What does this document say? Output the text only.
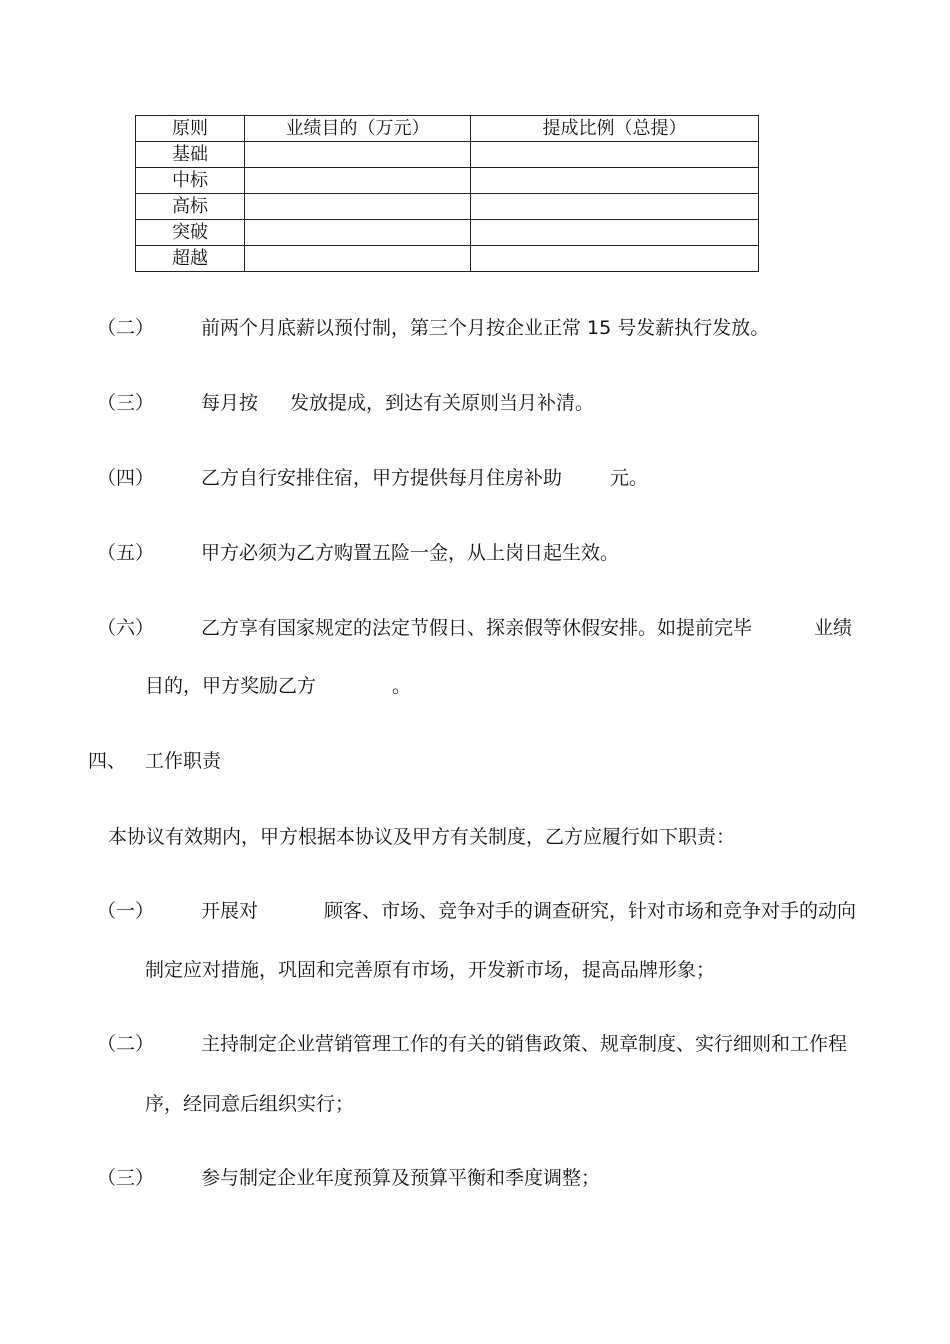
原则	业绩目的（万元）	提成比例（总提）
基础		
中标		
高标		
突破		
超越		
（二） 前两个月底薪以预付制，第三个月按企业正常 15 号发薪执行发放。
（三） 每月按 发放提成，到达有关原则当月补清。
（四） 乙方自行安排住宿，甲方提供每月住房补助	元。
（五） 甲方必须为乙方购置五险一金，从上岗日起生效。
（六） 乙方享有国家规定的法定节假日、探亲假等休假安排。如提前完毕	业绩
目的，甲方奖励乙方	。
四、 工作职责
本协议有效期内，甲方根据本协议及甲方有关制度，乙方应履行如下职责：
（一） 开展对	顾客、市场、竞争对手的调查研究，针对市场和竞争对手的动向
制定应对措施，巩固和完善原有市场，开发新市场，提高品牌形象；
（二） 主持制定企业营销管理工作的有关的销售政策、规章制度、实行细则和工作程
序，经同意后组织实行；
（三） 参与制定企业年度预算及预算平衡和季度调整；
